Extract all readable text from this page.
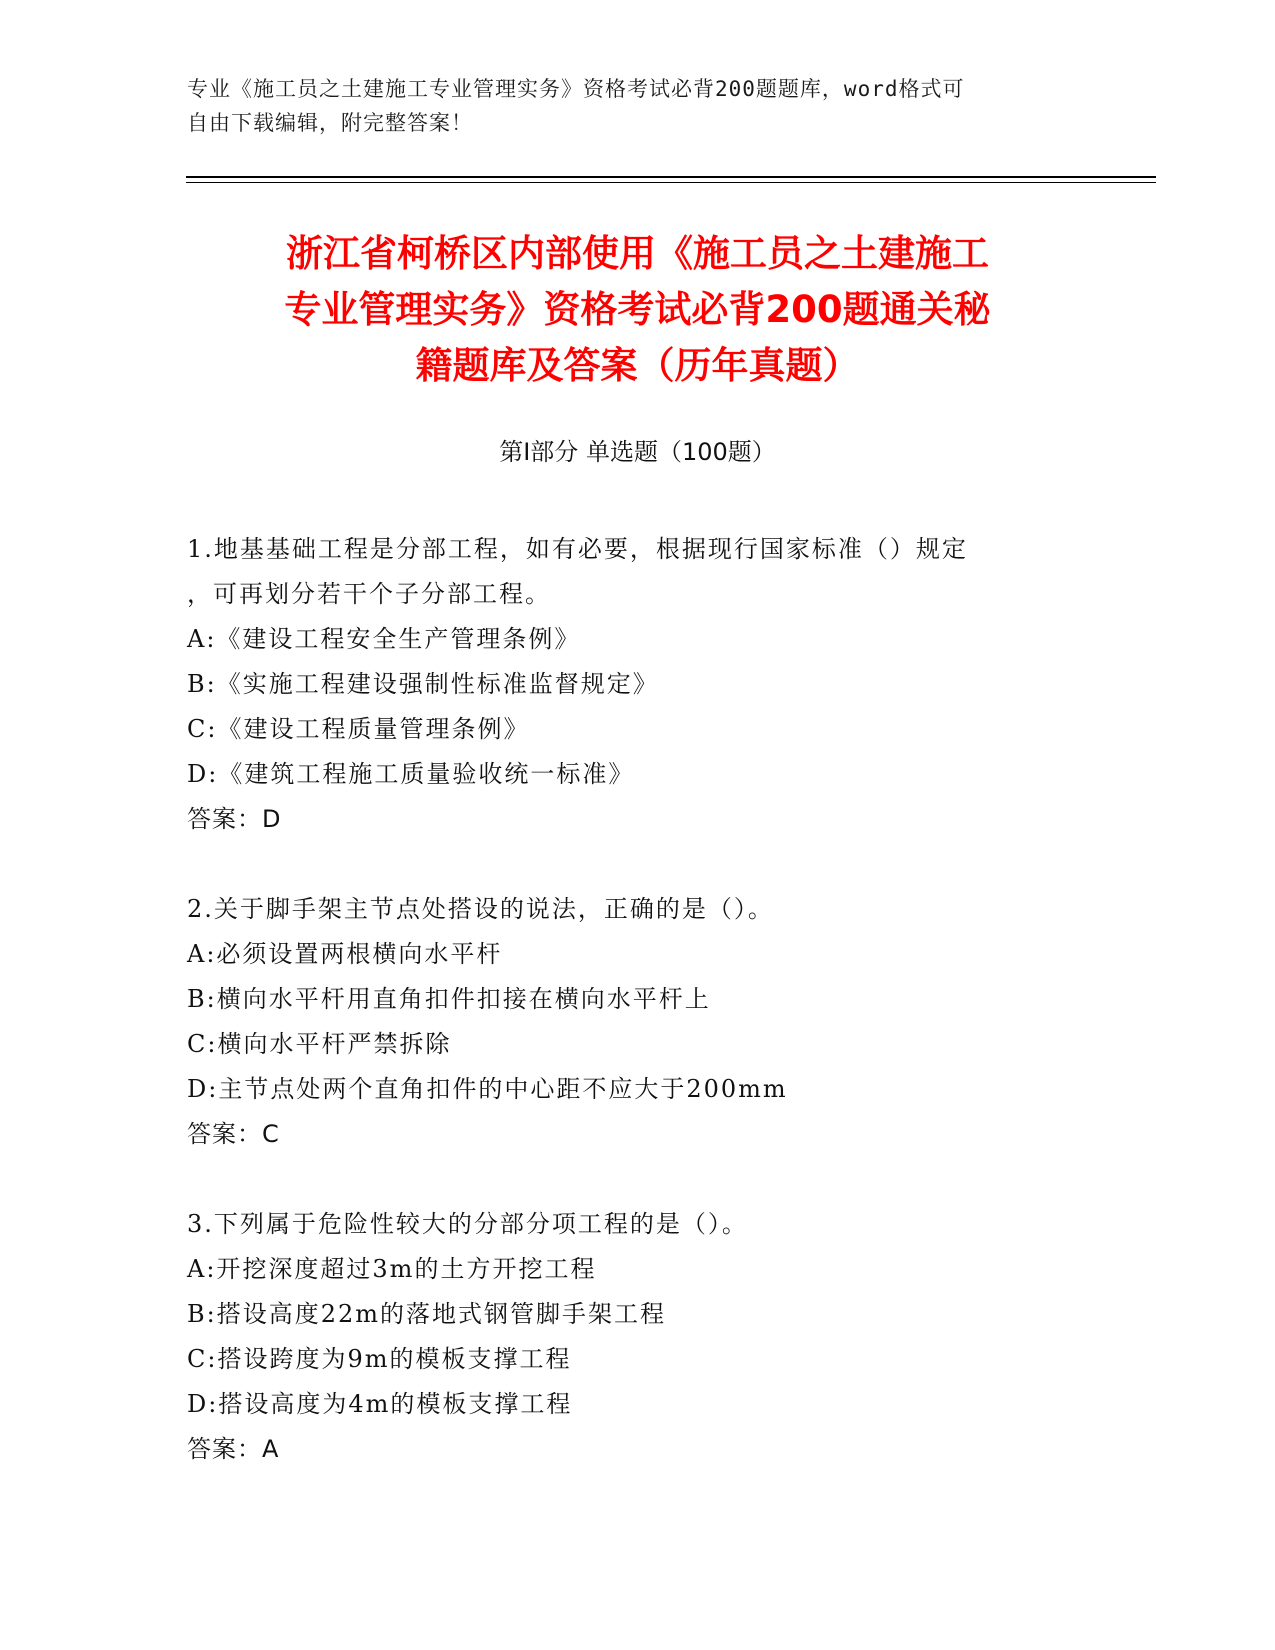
专业《施工员之土建施工专业管理实务》资格考试必背200题题库，word格式可
自由下载编辑，附完整答案！
浙江省柯桥区内部使用《施工员之土建施工
专业管理实务》资格考试必背200题通关秘
籍题库及答案（历年真题）
第Ⅰ部分 单选题（100题）
1.地基基础工程是分部工程，如有必要，根据现行国家标准（）规定
，可再划分若干个子分部工程。
A:《建设工程安全生产管理条例》
B:《实施工程建设强制性标准监督规定》
C:《建设工程质量管理条例》
D:《建筑工程施工质量验收统一标准》
答案：D
2.关于脚手架主节点处搭设的说法，正确的是（）。
A:必须设置两根横向水平杆
B:横向水平杆用直角扣件扣接在横向水平杆上
C:横向水平杆严禁拆除
D:主节点处两个直角扣件的中心距不应大于200mm
答案：C
3.下列属于危险性较大的分部分项工程的是（）。
A:开挖深度超过3m的土方开挖工程
B:搭设高度22m的落地式钢管脚手架工程
C:搭设跨度为9m的模板支撑工程
D:搭设高度为4m的模板支撑工程
答案：A
